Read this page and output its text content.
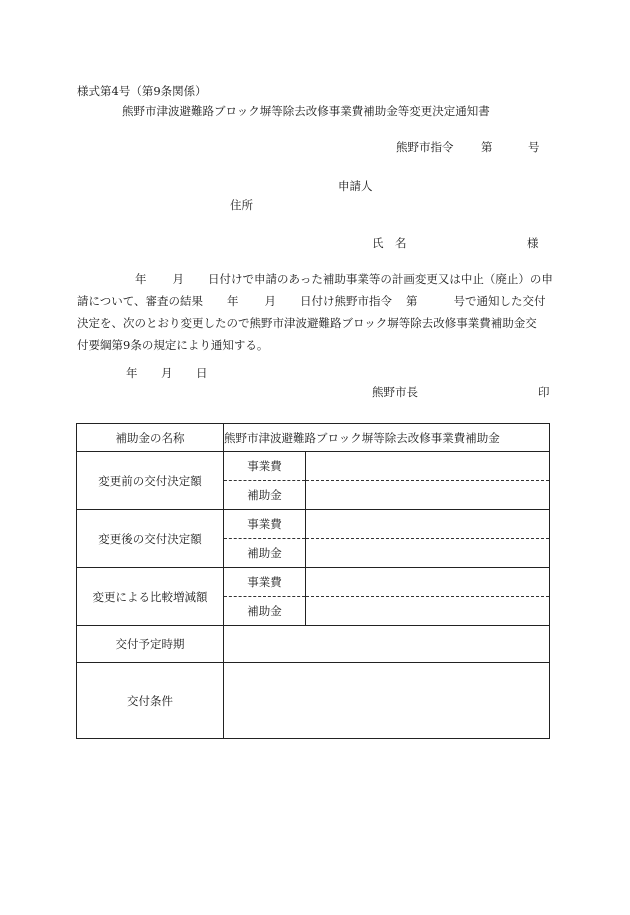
様式第4号（第9条関係）
熊野市津波避難路ブロック塀等除去改修事業費補助金等変更決定通知書
熊野市指令 第	号
申請人
住所
氏　名	様
年 月 日付けで申請のあった補助事業等の計画変更又は中止（廃止）の申
請について、審査の結果 年 月 日付け熊野市指令 第	号で通知した交付
決定を、次のとおり変更したので熊野市津波避難路ブロック塀等除去改修事業費補助金交
付要綱第9条の規定により通知する。
年 月 日
熊野市長	印
補助金の名称	熊野市津波避難路ブロック塀等除去改修事業費補助金	
変更前の交付決定額	事業費	
	補助金	
変更後の交付決定額	事業費	
	補助金	
変更による比較増減額	事業費	
	補助金	
交付予定時期		
交付条件		
